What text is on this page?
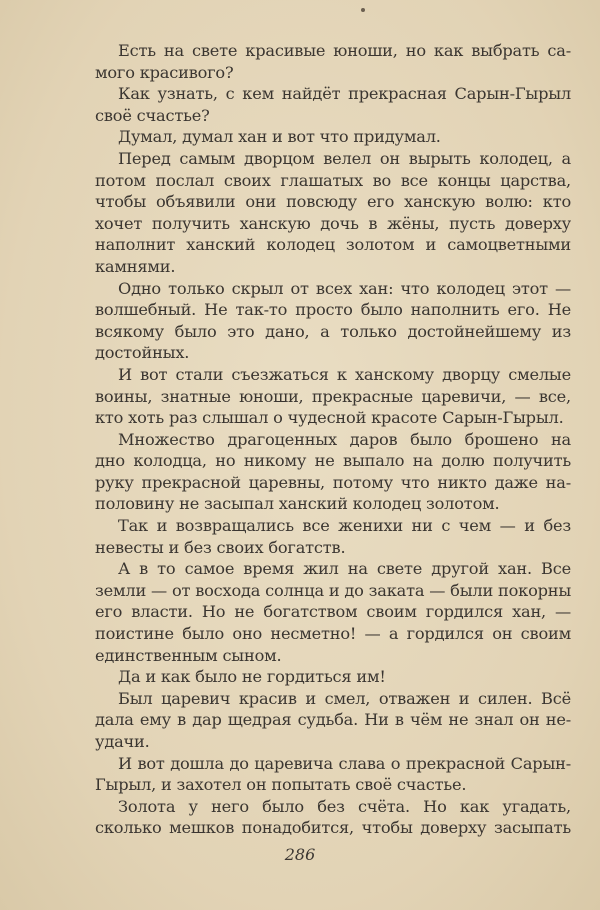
Есть на свете красивые юноши, но как выбрать са-
мого красивого?
Как узнать, с кем найдёт прекрасная Сарын-Гырыл
своё счастье?
Думал, думал хан и вот что придумал.
Перед самым дворцом велел он вырыть колодец, а
потом послал своих глашатых во все концы царства,
чтобы объявили они повсюду его ханскую волю: кто
хочет получить ханскую дочь в жёны, пусть доверху
наполнит ханский колодец золотом и самоцветными
камнями.
Одно только скрыл от всех хан: что колодец этот —
волшебный. Не так-то просто было наполнить его. Не
всякому было это дано, а только достойнейшему из
достойных.
И вот стали съезжаться к ханскому дворцу смелые
воины, знатные юноши, прекрасные царевичи, — все,
кто хоть раз слышал о чудесной красоте Сарын-Гырыл.
Множество драгоценных даров было брошено на
дно колодца, но никому не выпало на долю получить
руку прекрасной царевны, потому что никто даже на-
половину не засыпал ханский колодец золотом.
Так и возвращались все женихи ни с чем — и без
невесты и без своих богатств.
А в то самое время жил на свете другой хан. Все
земли — от восхода солнца и до заката — были покорны
его власти. Но не богатством своим гордился хан, —
поистине было оно несметно! — а гордился он своим
единственным сыном.
Да и как было не гордиться им!
Был царевич красив и смел, отважен и силен. Всё
дала ему в дар щедрая судьба. Ни в чём не знал он не-
удачи.
И вот дошла до царевича слава о прекрасной Сарын-
Гырыл, и захотел он попытать своё счастье.
Золота у него было без счёта. Но как угадать,
сколько мешков понадобится, чтобы доверху засыпать
286
